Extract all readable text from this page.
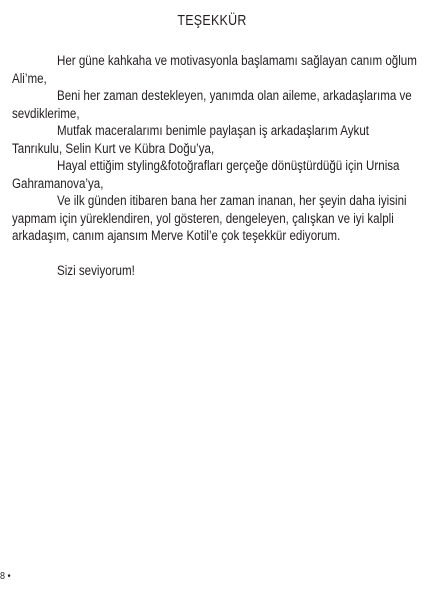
TEŞEKKÜR

Her güne kahkaha ve motivasyonla başlamamı sağlayan canım oğlum Ali’me,

Beni her zaman destekleyen, yanımda olan aileme, arkadaşlarıma ve sevdiklerime,

Mutfak maceralarımı benimle paylaşan iş arkadaşlarım Aykut Tanrıkulu, Selin Kurt ve Kübra Doğu’ya,

Hayal ettiğim styling&fotoğrafları gerçeğe dönüştürdüğü için Urnisa Gahramanova’ya,

Ve ilk günden itibaren bana her zaman inanan, her şeyin daha iyisini yapmam için yüreklendiren, yol gösteren, dengeleyen, çalışkan ve iyi kalpli arkadaşım, canım ajansım Merve Kotil’e çok teşekkür ediyorum.

Sizi seviyorum!

8 •
